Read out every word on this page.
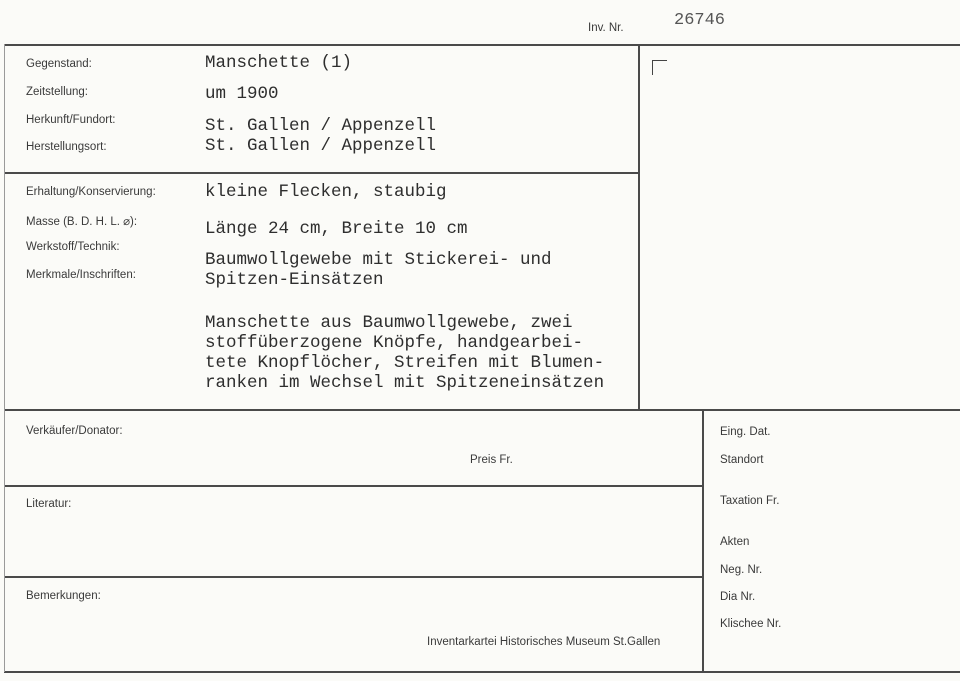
Inv. Nr.	26746
Gegenstand:
Zeitstellung:
Herkunft/Fundort:
Herstellungsort:
Manschette (1)
um 1900
St. Gallen / Appenzell
St. Gallen / Appenzell
Erhaltung/Konservierung:
Masse (B. D. H. L. ⌀):
Werkstoff/Technik:
Merkmale/Inschriften:
kleine Flecken, staubig
Länge 24 cm, Breite 10 cm
Baumwollgewebe mit Stickerei- und
Spitzen-Einsätzen
Manschette aus Baumwollgewebe, zwei
stoffüberzogene Knöpfe, handgearbei-
tete Knopflöcher, Streifen mit Blumen-
ranken im Wechsel mit Spitzeneinsätzen
Verkäufer/Donator:
Preis Fr.
Literatur:
Bemerkungen:
Inventarkartei Historisches Museum St.Gallen
Eing. Dat.
Standort
Taxation Fr.
Akten
Neg. Nr.
Dia Nr.
Klischee Nr.
